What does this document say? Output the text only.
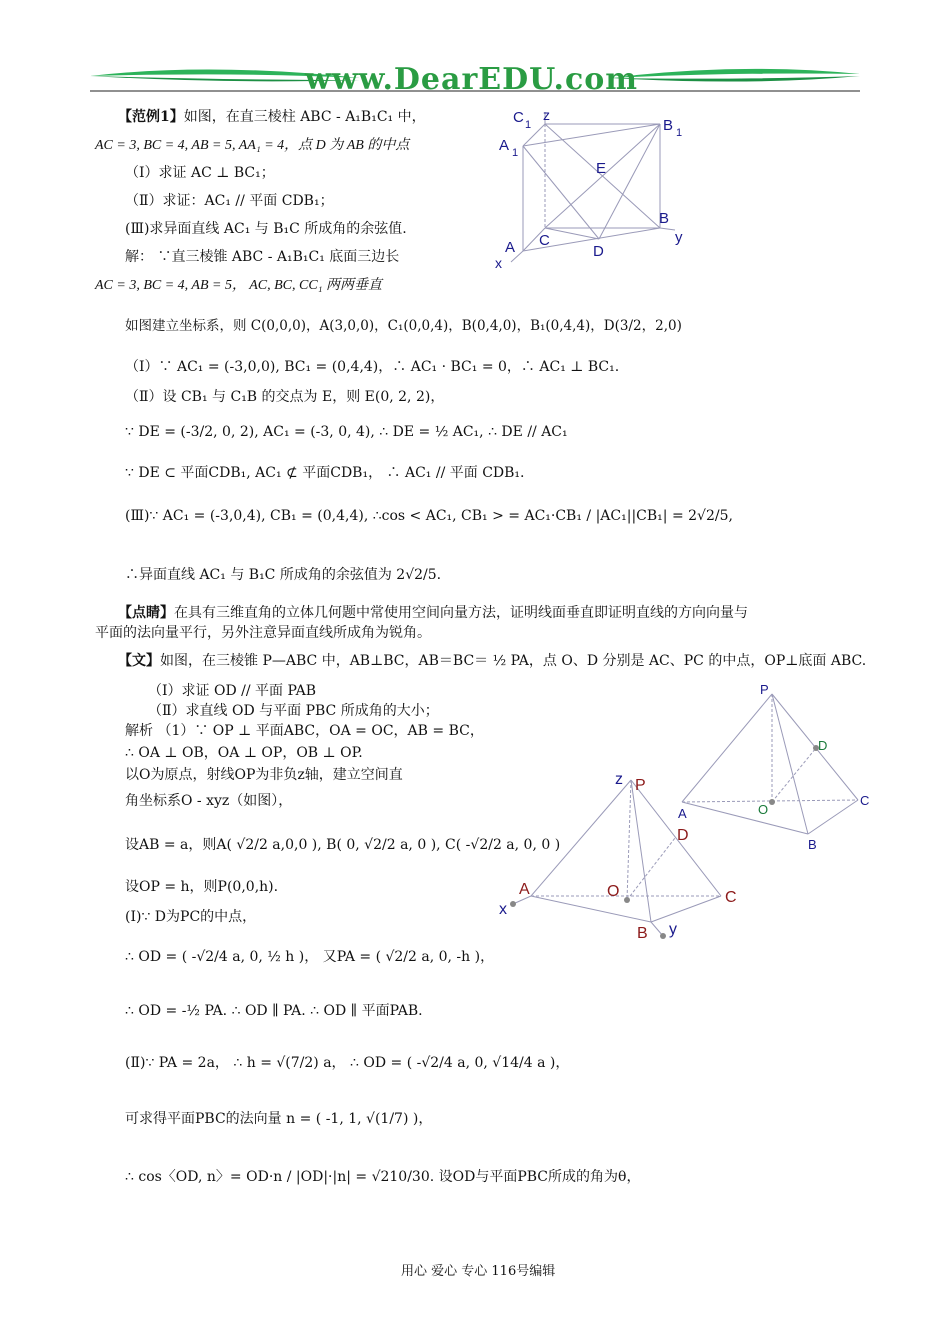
www.DearEDU.com
【范例1】如图，在直三棱柱 ABC - A₁B₁C₁ 中，
AC = 3, BC = 4, AB = 5, AA₁ = 4，点 D 为 AB 的中点
（Ⅰ）求证 AC ⊥ BC₁；
（Ⅱ）求证：AC₁ // 平面 CDB₁；
(Ⅲ)求异面直线 AC₁ 与 B₁C 所成角的余弦值.
解： ∵直三棱锥 ABC - A₁B₁C₁ 底面三边长
AC = 3, BC = 4, AB = 5， AC, BC, CC₁ 两两垂直
如图建立坐标系，则 C(0,0,0)，A(3,0,0)，C₁(0,0,4)，B(0,4,0)，B₁(0,4,4)，D(3/2，2,0)
（Ⅰ）∵ AC₁ = (-3,0,0), BC₁ = (0,4,4)，∴ AC₁ · BC₁ = 0，∴ AC₁ ⊥ BC₁.
（Ⅱ）设 CB₁ 与 C₁B 的交点为 E，则 E(0, 2, 2)，
∵ DE = (-3/2, 0, 2), AC₁ = (-3, 0, 4), ∴ DE = ½ AC₁, ∴ DE // AC₁
∵ DE ⊂ 平面CDB₁, AC₁ ⊄ 平面CDB₁， ∴ AC₁ // 平面 CDB₁.
(Ⅲ)∵ AC₁ = (-3,0,4), CB₁ = (0,4,4), ∴cos < AC₁, CB₁ > = AC₁·CB₁ / |AC₁||CB₁| = 2√2/5,
∴异面直线 AC₁ 与 B₁C 所成角的余弦值为 2√2/5.
C 1
z
A 1
B 1
E
B
y
C
D
A
x
【点睛】在具有三维直角的立体几何题中常使用空间向量方法，证明线面垂直即证明直线的方向向量与
平面的法向量平行，另外注意异面直线所成角为锐角。
【文】如图，在三棱锥 P—ABC 中，AB⊥BC，AB＝BC＝ ½ PA，点 O、D 分别是 AC、PC 的中点，OP⊥底面 ABC.
（Ⅰ）求证 OD // 平面 PAB
（Ⅱ）求直线 OD 与平面 PBC 所成角的大小；
解析 （1）∵ OP ⊥ 平面ABC，OA = OC，AB = BC，
∴ OA ⊥ OB，OA ⊥ OP，OB ⊥ OP.
以O为原点，射线OP为非负z轴，建立空间直
角坐标系O - xyz（如图），
设AB = a，则A( √2/2 a,0,0 ), B( 0, √2/2 a, 0 ), C( -√2/2 a, 0, 0 )
设OP = h，则P(0,0,h).
(Ⅰ)∵ D为PC的中点，
∴ OD = ( -√2/4 a, 0, ½ h )， 又PA = ( √2/2 a, 0, -h )，
∴ OD = -½ PA. ∴ OD ∥ PA. ∴ OD ∥ 平面PAB.
(Ⅱ)∵ PA = 2a， ∴ h = √(7/2) a， ∴ OD = ( -√2/4 a, 0, √14/4 a )，
可求得平面PBC的法向量 n = ( -1, 1, √(1/7) )，
∴ cos〈OD, n〉= OD·n / |OD|·|n| = √210/30. 设OD与平面PBC所成的角为θ，
P
D
A	O
C
B
P
D
A	O	C
B
z
x
y
用心 爱心 专心 116号编辑
